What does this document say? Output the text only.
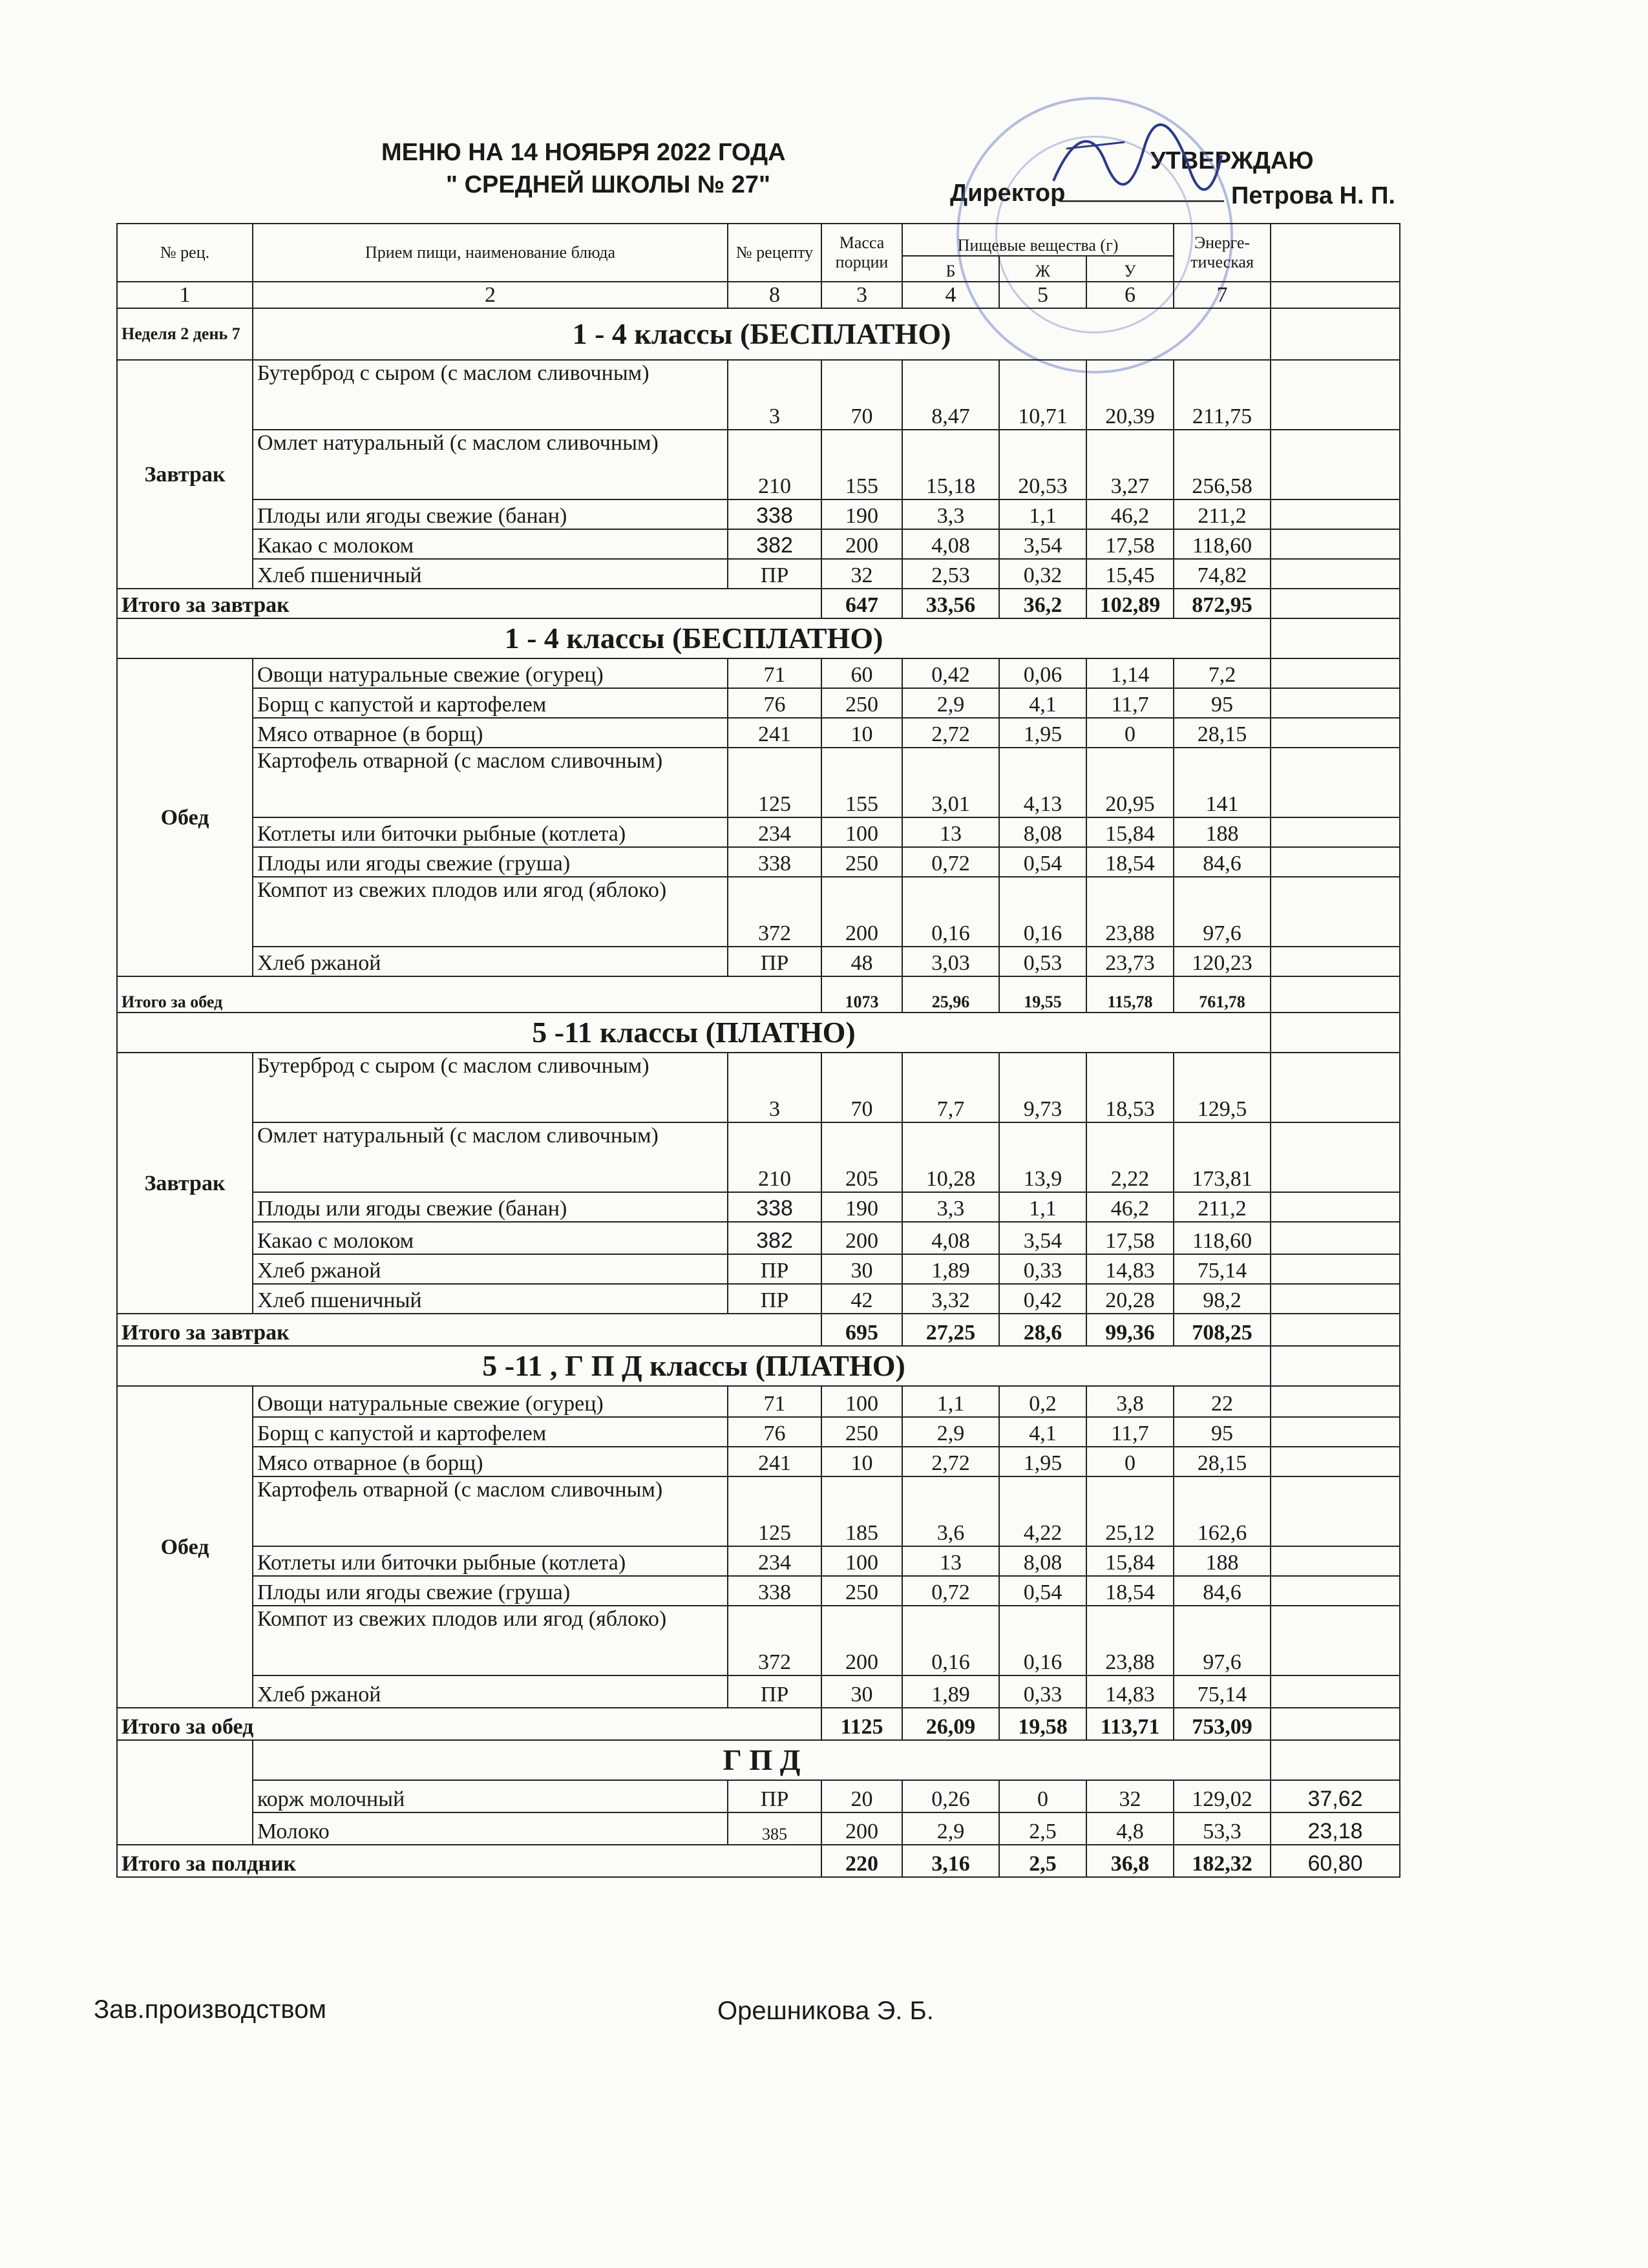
МЕНЮ НА 14 НОЯБРЯ 2022 ГОДА
" СРЕДНЕЙ ШКОЛЫ № 27"
УТВЕРЖДАЮ
Директор
____________ Петрова Н. П.
№ рец.	Прием пищи, наименование блюда	№ рецепту	Масса порции	Пищевые вещества (г)			Энерге-тическая	
				Б	Ж	У		
1	2	8	3	4	5	6	7	
Неделя 2 день 7	1 - 4 классы (БЕСПЛАТНО)							
Завтрак	Бутерброд с сыром (с маслом сливочным)	3	70	8,47	10,71	20,39	211,75	
	Омлет натуральный (с маслом сливочным)	210	155	15,18	20,53	3,27	256,58	
	Плоды или ягоды свежие (банан)	338	190	3,3	1,1	46,2	211,2	
	Какао с молоком	382	200	4,08	3,54	17,58	118,60	
	Хлеб пшеничный	ПР	32	2,53	0,32	15,45	74,82	
Итого за завтрак			647	33,56	36,2	102,89	872,95	
1 - 4 классы (БЕСПЛАТНО)								
Обед	Овощи натуральные свежие (огурец)	71	60	0,42	0,06	1,14	7,2	
	Борщ с капустой и картофелем	76	250	2,9	4,1	11,7	95	
	Мясо отварное (в борщ)	241	10	2,72	1,95	0	28,15	
	Картофель отварной (с маслом сливочным)	125	155	3,01	4,13	20,95	141	
	Котлеты или биточки рыбные (котлета)	234	100	13	8,08	15,84	188	
	Плоды или ягоды свежие (груша)	338	250	0,72	0,54	18,54	84,6	
	Компот из свежих плодов или ягод (яблоко)	372	200	0,16	0,16	23,88	97,6	
	Хлеб ржаной	ПР	48	3,03	0,53	23,73	120,23	
Итого за обед			1073	25,96	19,55	115,78	761,78	
5 -11 классы (ПЛАТНО)								
Завтрак	Бутерброд с сыром (с маслом сливочным)	3	70	7,7	9,73	18,53	129,5	
	Омлет натуральный (с маслом сливочным)	210	205	10,28	13,9	2,22	173,81	
	Плоды или ягоды свежие (банан)	338	190	3,3	1,1	46,2	211,2	
	Какао с молоком	382	200	4,08	3,54	17,58	118,60	
	Хлеб ржаной	ПР	30	1,89	0,33	14,83	75,14	
	Хлеб пшеничный	ПР	42	3,32	0,42	20,28	98,2	
Итого за завтрак			695	27,25	28,6	99,36	708,25	
5 -11 , Г П Д классы (ПЛАТНО)								
Обед	Овощи натуральные свежие (огурец)	71	100	1,1	0,2	3,8	22	
	Борщ с капустой и картофелем	76	250	2,9	4,1	11,7	95	
	Мясо отварное (в борщ)	241	10	2,72	1,95	0	28,15	
	Картофель отварной (с маслом сливочным)	125	185	3,6	4,22	25,12	162,6	
	Котлеты или биточки рыбные (котлета)	234	100	13	8,08	15,84	188	
	Плоды или ягоды свежие (груша)	338	250	0,72	0,54	18,54	84,6	
	Компот из свежих плодов или ягод (яблоко)	372	200	0,16	0,16	23,88	97,6	
	Хлеб ржаной	ПР	30	1,89	0,33	14,83	75,14	
Итого за обед			1125	26,09	19,58	113,71	753,09	
	Г П Д							
	корж молочный	ПР	20	0,26	0	32	129,02	37,62
	Молоко	385	200	2,9	2,5	4,8	53,3	23,18
Итого за полдник			220	3,16	2,5	36,8	182,32	60,80
Зав.производством	Орешникова Э. Б.
